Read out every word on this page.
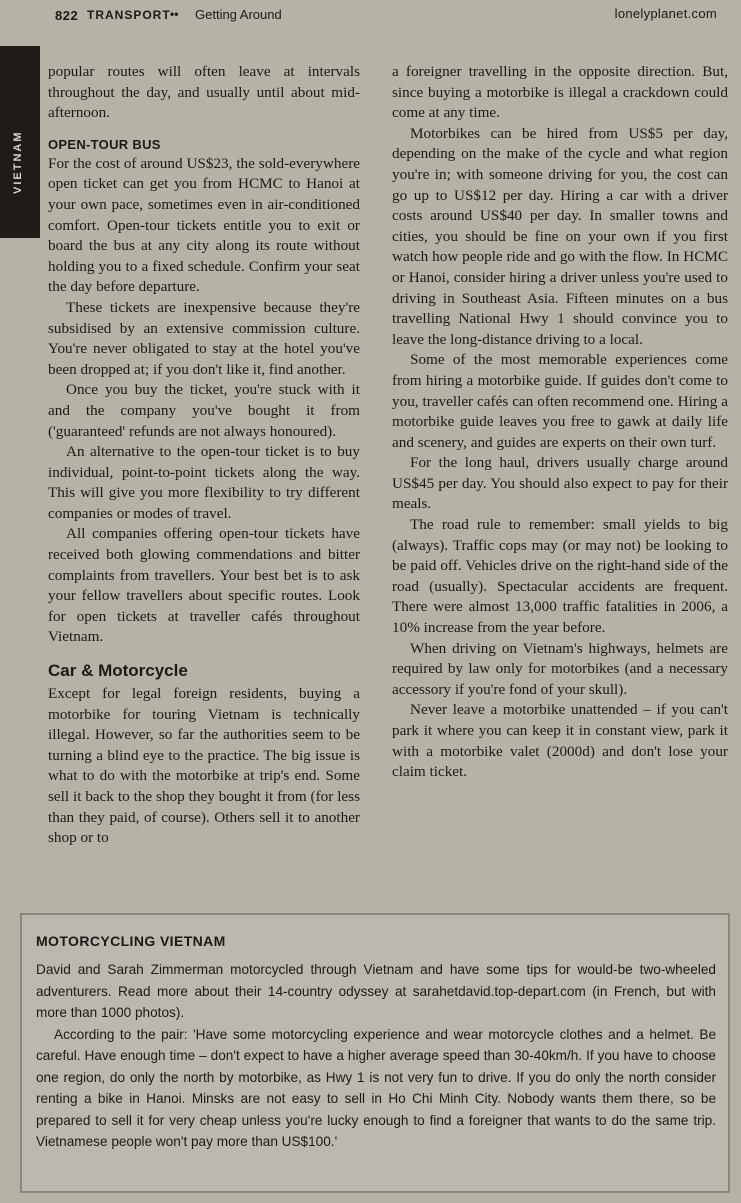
822 TRANSPORT •• Getting Around	lonelyplanet.com
VIETNAM

popular routes will often leave at intervals throughout the day, and usually until about mid-afternoon.

OPEN-TOUR BUS

For the cost of around US$23, the sold-everywhere open ticket can get you from HCMC to Hanoi at your own pace, sometimes even in air-conditioned comfort. Open-tour tickets entitle you to exit or board the bus at any city along its route without holding you to a fixed schedule. Confirm your seat the day before departure.

These tickets are inexpensive because they're subsidised by an extensive commission culture. You're never obligated to stay at the hotel you've been dropped at; if you don't like it, find another.

Once you buy the ticket, you're stuck with it and the company you've bought it from ('guaranteed' refunds are not always honoured).

An alternative to the open-tour ticket is to buy individual, point-to-point tickets along the way. This will give you more flexibility to try different companies or modes of travel.

All companies offering open-tour tickets have received both glowing commendations and bitter complaints from travellers. Your best bet is to ask your fellow travellers about specific routes. Look for open tickets at traveller cafés throughout Vietnam.

Car & Motorcycle

Except for legal foreign residents, buying a motorbike for touring Vietnam is technically illegal. However, so far the authorities seem to be turning a blind eye to the practice. The big issue is what to do with the motorbike at trip's end. Some sell it back to the shop they bought it from (for less than they paid, of course). Others sell it to another shop or to

a foreigner travelling in the opposite direction. But, since buying a motorbike is illegal a crackdown could come at any time.

Motorbikes can be hired from US$5 per day, depending on the make of the cycle and what region you're in; with someone driving for you, the cost can go up to US$12 per day. Hiring a car with a driver costs around US$40 per day. In smaller towns and cities, you should be fine on your own if you first watch how people ride and go with the flow. In HCMC or Hanoi, consider hiring a driver unless you're used to driving in Southeast Asia. Fifteen minutes on a bus travelling National Hwy 1 should convince you to leave the long-distance driving to a local.

Some of the most memorable experiences come from hiring a motorbike guide. If guides don't come to you, traveller cafés can often recommend one. Hiring a motorbike guide leaves you free to gawk at daily life and scenery, and guides are experts on their own turf.

For the long haul, drivers usually charge around US$45 per day. You should also expect to pay for their meals.

The road rule to remember: small yields to big (always). Traffic cops may (or may not) be looking to be paid off. Vehicles drive on the right-hand side of the road (usually). Spectacular accidents are frequent. There were almost 13,000 traffic fatalities in 2006, a 10% increase from the year before.

When driving on Vietnam's highways, helmets are required by law only for motorbikes (and a necessary accessory if you're fond of your skull).

Never leave a motorbike unattended – if you can't park it where you can keep it in constant view, park it with a motorbike valet (2000d) and don't lose your claim ticket.

MOTORCYCLING VIETNAM

David and Sarah Zimmerman motorcycled through Vietnam and have some tips for would-be two-wheeled adventurers. Read more about their 14-country odyssey at sarahetdavid.top-depart.com (in French, but with more than 1000 photos).

According to the pair: 'Have some motorcycling experience and wear motorcycle clothes and a helmet. Be careful. Have enough time – don't expect to have a higher average speed than 30-40km/h. If you have to choose one region, do only the north by motorbike, as Hwy 1 is not very fun to drive. If you do only the north consider renting a bike in Hanoi. Minsks are not easy to sell in Ho Chi Minh City. Nobody wants them there, so be prepared to sell it for very cheap unless you're lucky enough to find a foreigner that wants to do the same trip. Vietnamese people won't pay more than US$100.'
